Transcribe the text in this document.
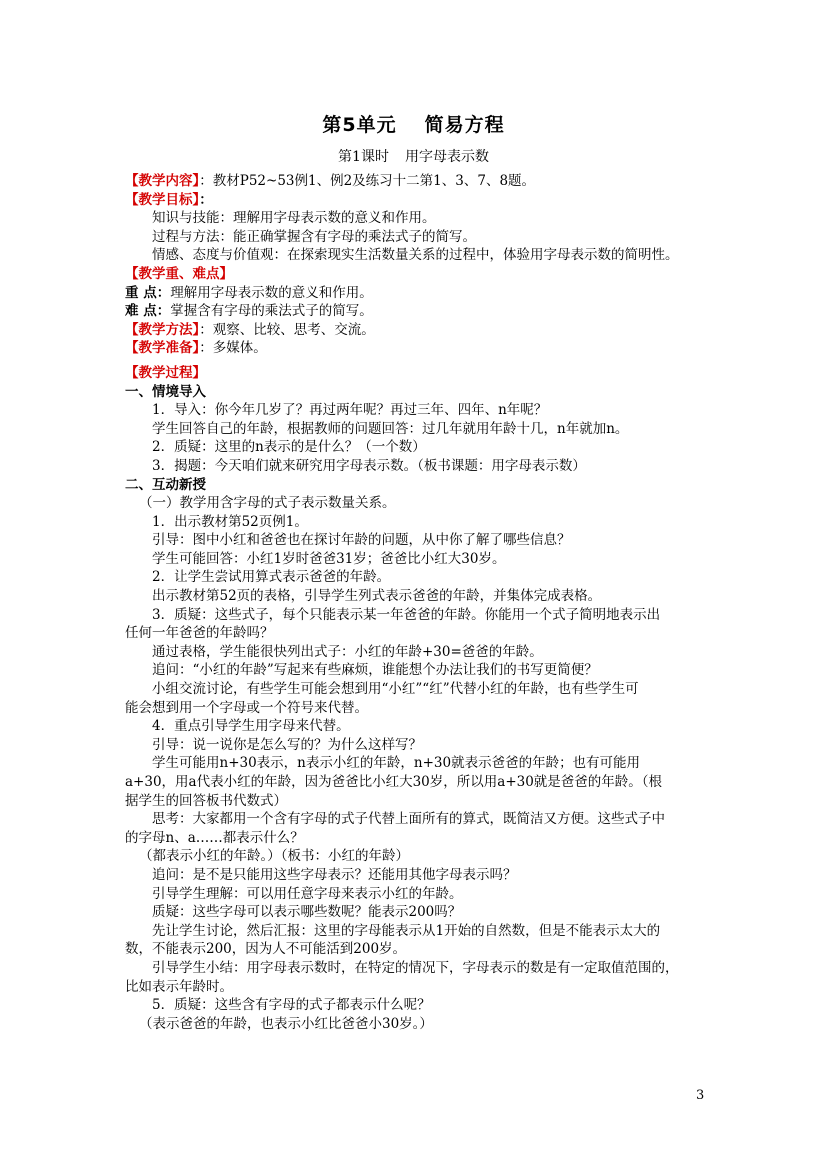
第5单元 简易方程
第1课时 用字母表示数
【教学内容】：教材P52~53例1、例2及练习十二第1、3、7、8题。
【教学目标】：
知识与技能：理解用字母表示数的意义和作用。
过程与方法：能正确掌握含有字母的乘法式子的简写。
情感、态度与价值观：在探索现实生活数量关系的过程中，体验用字母表示数的简明性。
【教学重、难点】
重 点：理解用字母表示数的意义和作用。
难 点：掌握含有字母的乘法式子的简写。
【教学方法】：观察、比较、思考、交流。
【教学准备】：多媒体。
【教学过程】
一、情境导入
1．导入：你今年几岁了？再过两年呢？再过三年、四年、n年呢？
学生回答自己的年龄，根据教师的问题回答：过几年就用年龄十几，n年就加n。
2．质疑：这里的n表示的是什么？（一个数）
3．揭题：今天咱们就来研究用字母表示数。（板书课题：用字母表示数）
二、互动新授
（一）教学用含字母的式子表示数量关系。
1．出示教材第52页例1。
引导：图中小红和爸爸也在探讨年龄的问题，从中你了解了哪些信息？
学生可能回答：小红1岁时爸爸31岁；爸爸比小红大30岁。
2．让学生尝试用算式表示爸爸的年龄。
出示教材第52页的表格，引导学生列式表示爸爸的年龄，并集体完成表格。
3．质疑：这些式子，每个只能表示某一年爸爸的年龄。你能用一个式子简明地表示出
任何一年爸爸的年龄吗？
通过表格，学生能很快列出式子：小红的年龄+30=爸爸的年龄。
追问：“小红的年龄”写起来有些麻烦，谁能想个办法让我们的书写更简便？
小组交流讨论，有些学生可能会想到用“小红”“红”代替小红的年龄，也有些学生可
能会想到用一个字母或一个符号来代替。
4．重点引导学生用字母来代替。
引导：说一说你是怎么写的？为什么这样写？
学生可能用n+30表示，n表示小红的年龄，n+30就表示爸爸的年龄；也有可能用
a+30，用a代表小红的年龄，因为爸爸比小红大30岁，所以用a+30就是爸爸的年龄。（根
据学生的回答板书代数式）
思考：大家都用一个含有字母的式子代替上面所有的算式，既简洁又方便。这些式子中
的字母n、a……都表示什么？
（都表示小红的年龄。）（板书：小红的年龄）
追问：是不是只能用这些字母表示？还能用其他字母表示吗？
引导学生理解：可以用任意字母来表示小红的年龄。
质疑：这些字母可以表示哪些数呢？能表示200吗？
先让学生讨论，然后汇报：这里的字母能表示从1开始的自然数，但是不能表示太大的
数，不能表示200，因为人不可能活到200岁。
引导学生小结：用字母表示数时，在特定的情况下，字母表示的数是有一定取值范围的，
比如表示年龄时。
5．质疑：这些含有字母的式子都表示什么呢？
（表示爸爸的年龄，也表示小红比爸爸小30岁。）
3
